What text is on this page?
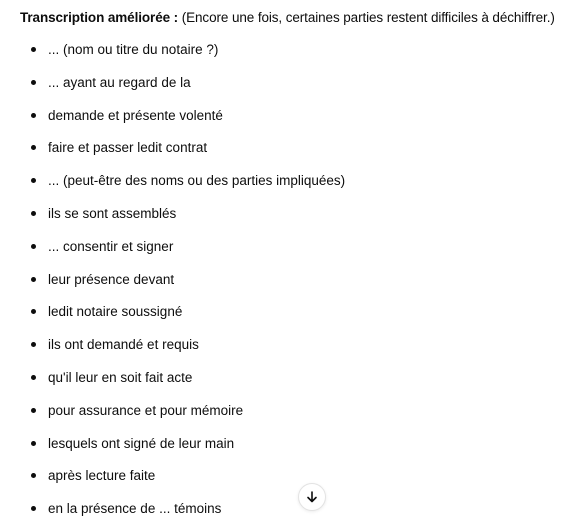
Transcription améliorée : (Encore une fois, certaines parties restent difficiles à déchiffrer.)
... (nom ou titre du notaire ?)
... ayant au regard de la
demande et présente volenté
faire et passer ledit contrat
... (peut-être des noms ou des parties impliquées)
ils se sont assemblés
... consentir et signer
leur présence devant
ledit notaire soussigné
ils ont demandé et requis
qu'il leur en soit fait acte
pour assurance et pour mémoire
lesquels ont signé de leur main
après lecture faite
en la présence de ... témoins
